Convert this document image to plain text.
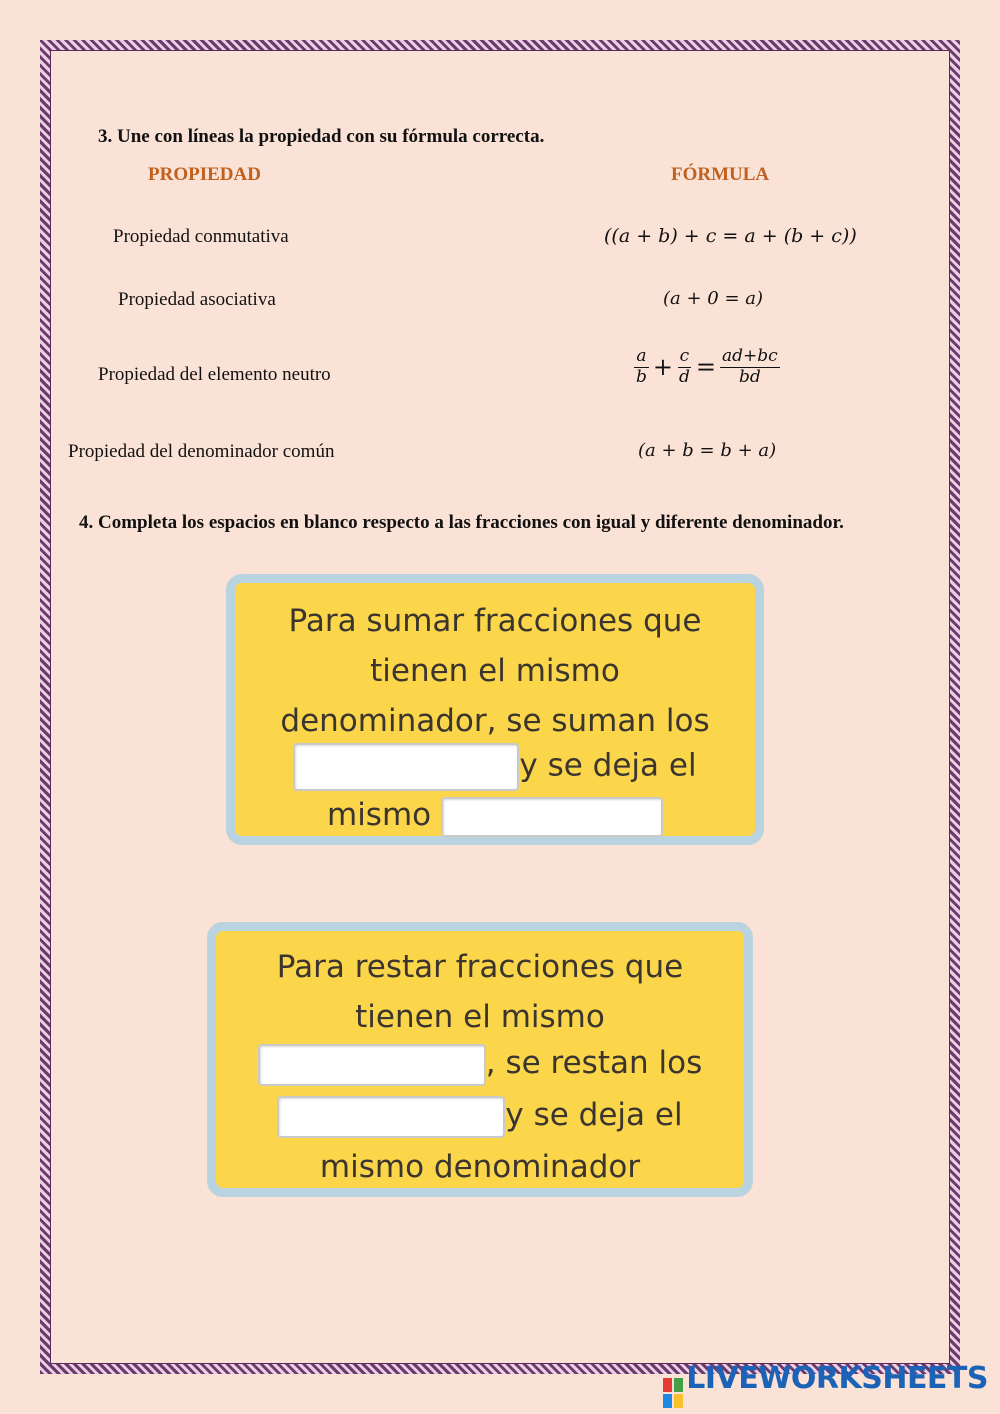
3. Une con líneas la propiedad con su fórmula correcta.
PROPIEDAD	FÓRMULA
Propiedad conmutativa
Propiedad asociativa
Propiedad del elemento neutro
Propiedad del denominador común
((a + b) + c = a + (b + c))
(a + 0 = a)
$\frac{a}{b} + \frac{c}{d} = \frac{ad+bc}{bd}$
(a + b = b + a)
4. Completa los espacios en blanco respecto a las fracciones con igual y diferente denominador.
Para sumar fracciones que
tienen el mismo
denominador, se suman los
y se deja el
mismo
Para restar fracciones que
tienen el mismo
, se restan los
y se deja el
mismo denominador
LIVEWORKSHEETS
